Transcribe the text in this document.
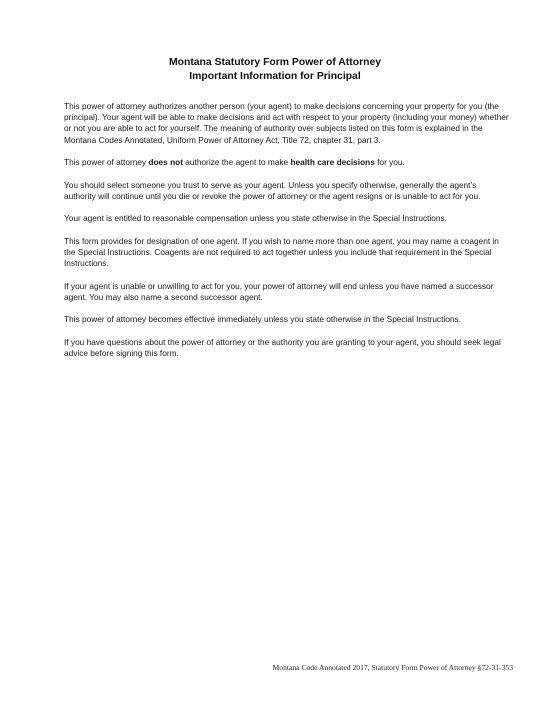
Montana Statutory Form Power of Attorney
Important Information for Principal

This power of attorney authorizes another person (your agent) to make decisions concerning your property for you (the principal). Your agent will be able to make decisions and act with respect to your property (including your money) whether or not you are able to act for yourself. The meaning of authority over subjects listed on this form is explained in the Montana Codes Annotated, Uniform Power of Attorney Act, Title 72, chapter 31, part 3.

This power of attorney does not authorize the agent to make health care decisions for you.

You should select someone you trust to serve as your agent. Unless you specify otherwise, generally the agent’s authority will continue until you die or revoke the power of attorney or the agent resigns or is unable to act for you.

Your agent is entitled to reasonable compensation unless you state otherwise in the Special Instructions.

This form provides for designation of one agent. If you wish to name more than one agent, you may name a coagent in the Special Instructions. Coagents are not required to act together unless you include that requirement in the Special Instructions.

If your agent is unable or unwilling to act for you, your power of attorney will end unless you have named a successor agent. You may also name a second successor agent.

This power of attorney becomes effective immediately unless you state otherwise in the Special Instructions.

If you have questions about the power of attorney or the authority you are granting to your agent, you should seek legal advice before signing this form.

Montana Code Annotated 2017, Statutory Form Power of Attorney §72-31-353
